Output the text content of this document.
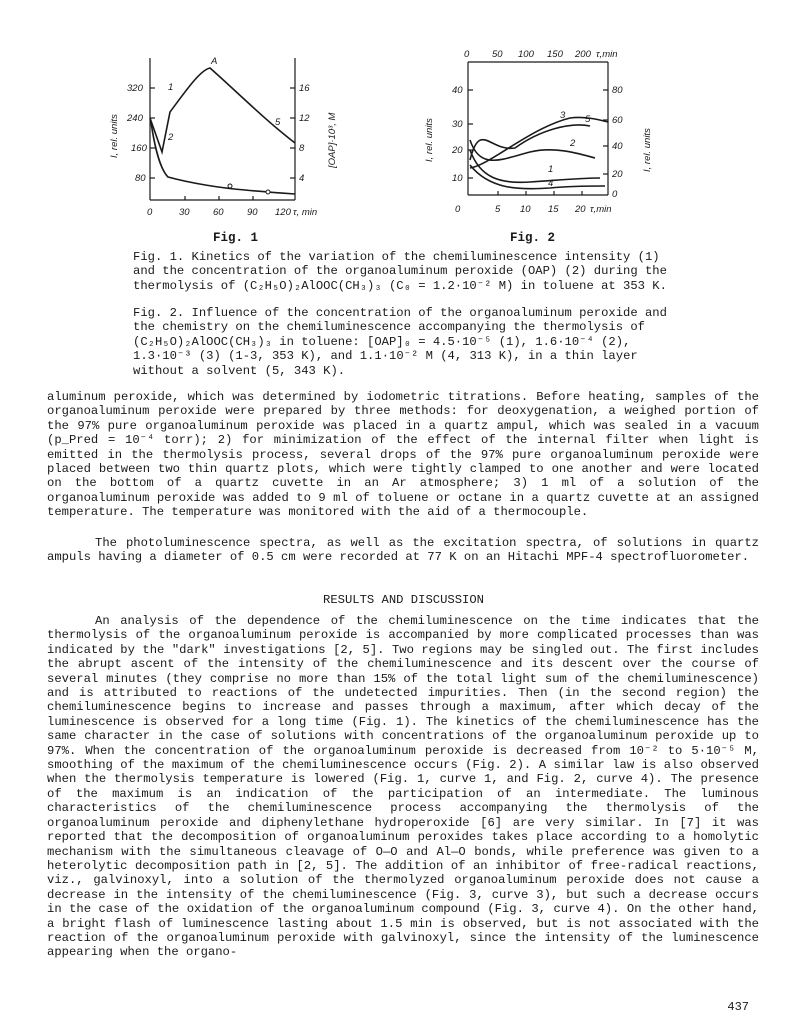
320
240
160
80
16
12
8
4
0	30 60 90 120 τ, min
I, rel. units	[OAP]·10³, M
1
A
5
2
Fig. 1
0 50 100 150 200 τ,min
40
30
20
10
80
60
40
20
0
0	5 10 15 20 τ,min
I, rel. units	I, rel. units
3 5
2
1
4
Fig. 2

Fig. 1. Kinetics of the variation of the chemiluminescence intensity (1) and the concentration of the organoaluminum peroxide (OAP) (2) during the thermolysis of (C₂H₅O)₂AlOOC(CH₃)₃ (C₀ = 1.2·10⁻² M) in toluene at 353 K.

Fig. 2. Influence of the concentration of the organoaluminum peroxide and the chemistry on the chemiluminescence accompanying the thermolysis of (C₂H₅O)₂AlOOC(CH₃)₃ in toluene: [OAP]₀ = 4.5·10⁻⁵ (1), 1.6·10⁻⁴ (2), 1.3·10⁻³ (3) (1-3, 353 K), and 1.1·10⁻² M (4, 313 K), in a thin layer without a solvent (5, 343 K).

aluminum peroxide, which was determined by iodometric titrations. Before heating, samples of the organoaluminum peroxide were prepared by three methods: for deoxygenation, a weighed portion of the 97% pure organoaluminum peroxide was placed in a quartz ampul, which was sealed in a vacuum (p_Pred = 10⁻⁴ torr); 2) for minimization of the effect of the internal filter when light is emitted in the thermolysis process, several drops of the 97% pure organoaluminum peroxide were placed between two thin quartz plots, which were tightly clamped to one another and were located on the bottom of a quartz cuvette in an Ar atmosphere; 3) 1 ml of a solution of the organoaluminum peroxide was added to 9 ml of toluene or octane in a quartz cuvette at an assigned temperature. The temperature was monitored with the aid of a thermocouple.

The photoluminescence spectra, as well as the excitation spectra, of solutions in quartz ampuls having a diameter of 0.5 cm were recorded at 77 K on an Hitachi MPF-4 spectrofluorometer.

RESULTS AND DISCUSSION

An analysis of the dependence of the chemiluminescence on the time indicates that the thermolysis of the organoaluminum peroxide is accompanied by more complicated processes than was indicated by the "dark" investigations [2, 5]. Two regions may be singled out. The first includes the abrupt ascent of the intensity of the chemiluminescence and its descent over the course of several minutes (they comprise no more than 15% of the total light sum of the chemiluminescence) and is attributed to reactions of the undetected impurities. Then (in the second region) the chemiluminescence begins to increase and passes through a maximum, after which decay of the luminescence is observed for a long time (Fig. 1). The kinetics of the chemiluminescence has the same character in the case of solutions with concentrations of the organoaluminum peroxide up to 97%. When the concentration of the organoaluminum peroxide is decreased from 10⁻² to 5·10⁻⁵ M, smoothing of the maximum of the chemiluminescence occurs (Fig. 2). A similar law is also observed when the thermolysis temperature is lowered (Fig. 1, curve 1, and Fig. 2, curve 4). The presence of the maximum is an indication of the participation of an intermediate. The luminous characteristics of the chemiluminescence process accompanying the thermolysis of the organoaluminum peroxide and diphenylethane hydroperoxide [6] are very similar. In [7] it was reported that the decomposition of organoaluminum peroxides takes place according to a homolytic mechanism with the simultaneous cleavage of O—O and Al—O bonds, while preference was given to a heterolytic decomposition path in [2, 5]. The addition of an inhibitor of free-radical reactions, viz., galvinoxyl, into a solution of the thermolyzed organoaluminum peroxide does not cause a decrease in the intensity of the chemiluminescence (Fig. 3, curve 3), but such a decrease occurs in the case of the oxidation of the organoaluminum compound (Fig. 3, curve 4). On the other hand, a bright flash of luminescence lasting about 1.5 min is observed, but is not associated with the reaction of the organoaluminum peroxide with galvinoxyl, since the intensity of the luminescence appearing when the organo-

437
